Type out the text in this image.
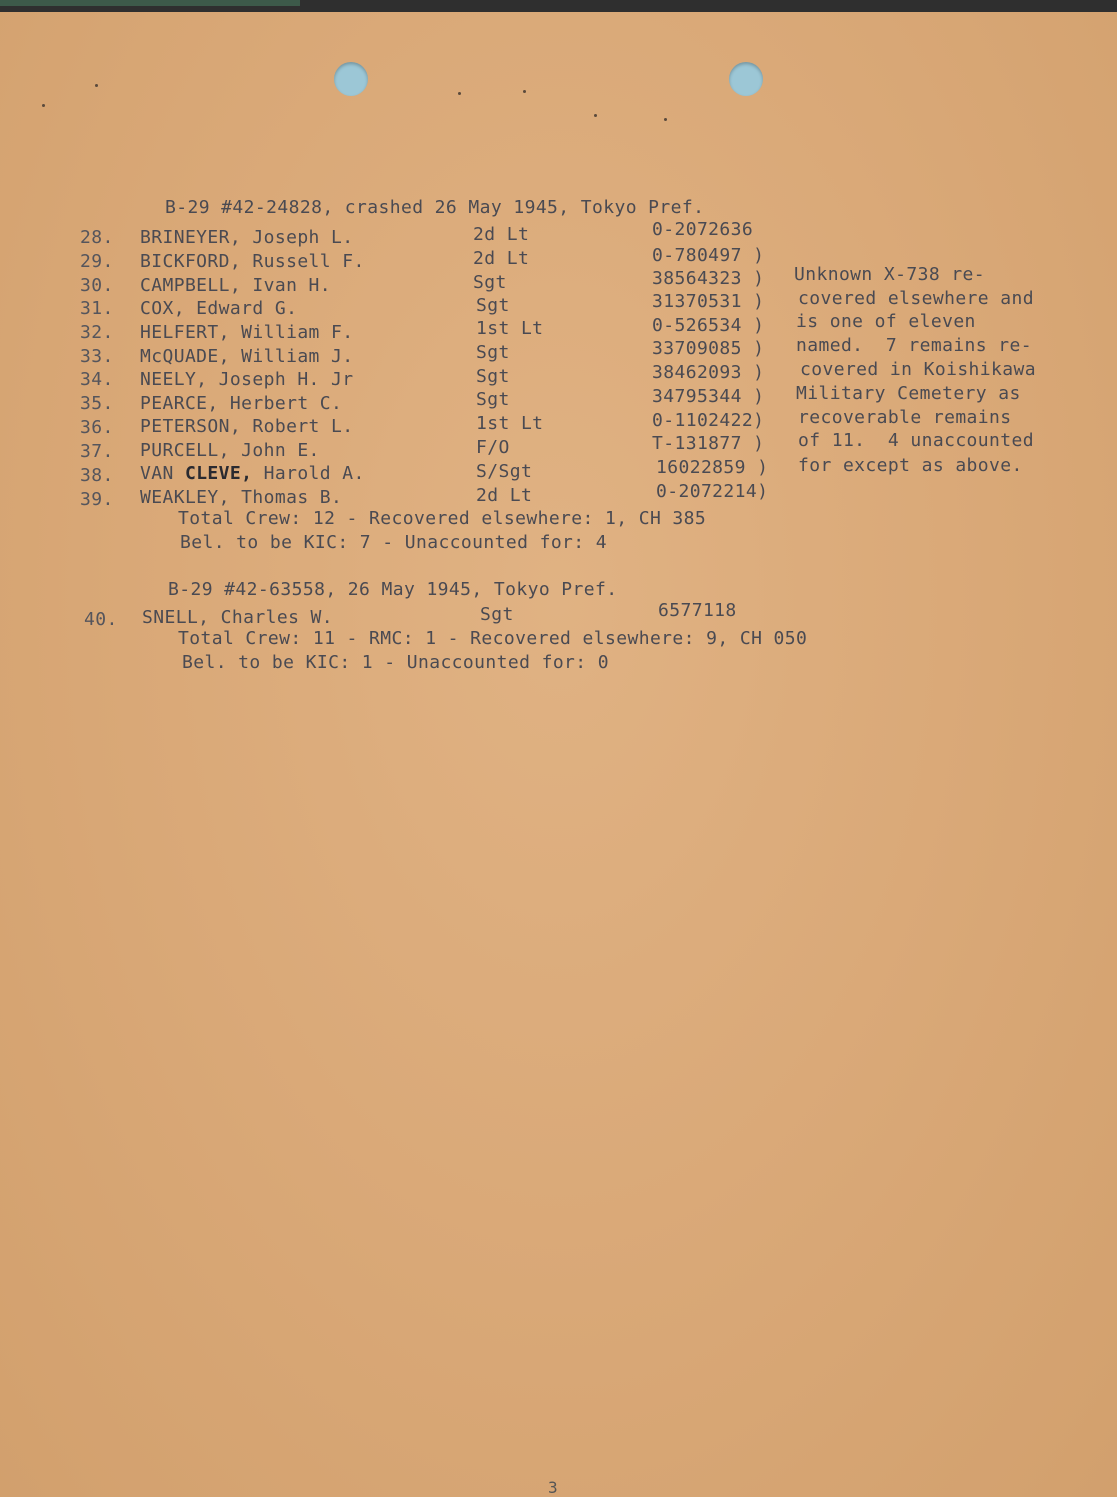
B-29 #42-24828, crashed 26 May 1945, Tokyo Pref.
28. BRINEYER, Joseph L.	2d Lt	0-2072636
29. BICKFORD, Russell F.	2d Lt	0-780497 )
30. CAMPBELL, Ivan H.	Sgt	38564323 )
31. COX, Edward G.	Sgt	31370531 )
32. HELFERT, William F.	1st Lt	0-526534 )
33. McQUADE, William J.	Sgt	33709085 )
34. NEELY, Joseph H. Jr	Sgt	38462093 )
35. PEARCE, Herbert C.	Sgt	34795344 )
36. PETERSON, Robert L.	1st Lt	0-1102422)
37. PURCELL, John E.	F/O	T-131877 )
38. VAN CLEVE, Harold A.	S/Sgt	16022859 )
39. WEAKLEY, Thomas B.	2d Lt	0-2072214)
Unknown X-738 re-
covered elsewhere and
is one of eleven
named.  7 remains re-
covered in Koishikawa
Military Cemetery as
recoverable remains
of 11.  4 unaccounted
for except as above.
Total Crew: 12 - Recovered elsewhere: 1, CH 385
Bel. to be KIC: 7 - Unaccounted for: 4
B-29 #42-63558, 26 May 1945, Tokyo Pref.
40. SNELL, Charles W.	Sgt	6577118
Total Crew: 11 - RMC: 1 - Recovered elsewhere: 9, CH 050
Bel. to be KIC: 1 - Unaccounted for: 0
3
